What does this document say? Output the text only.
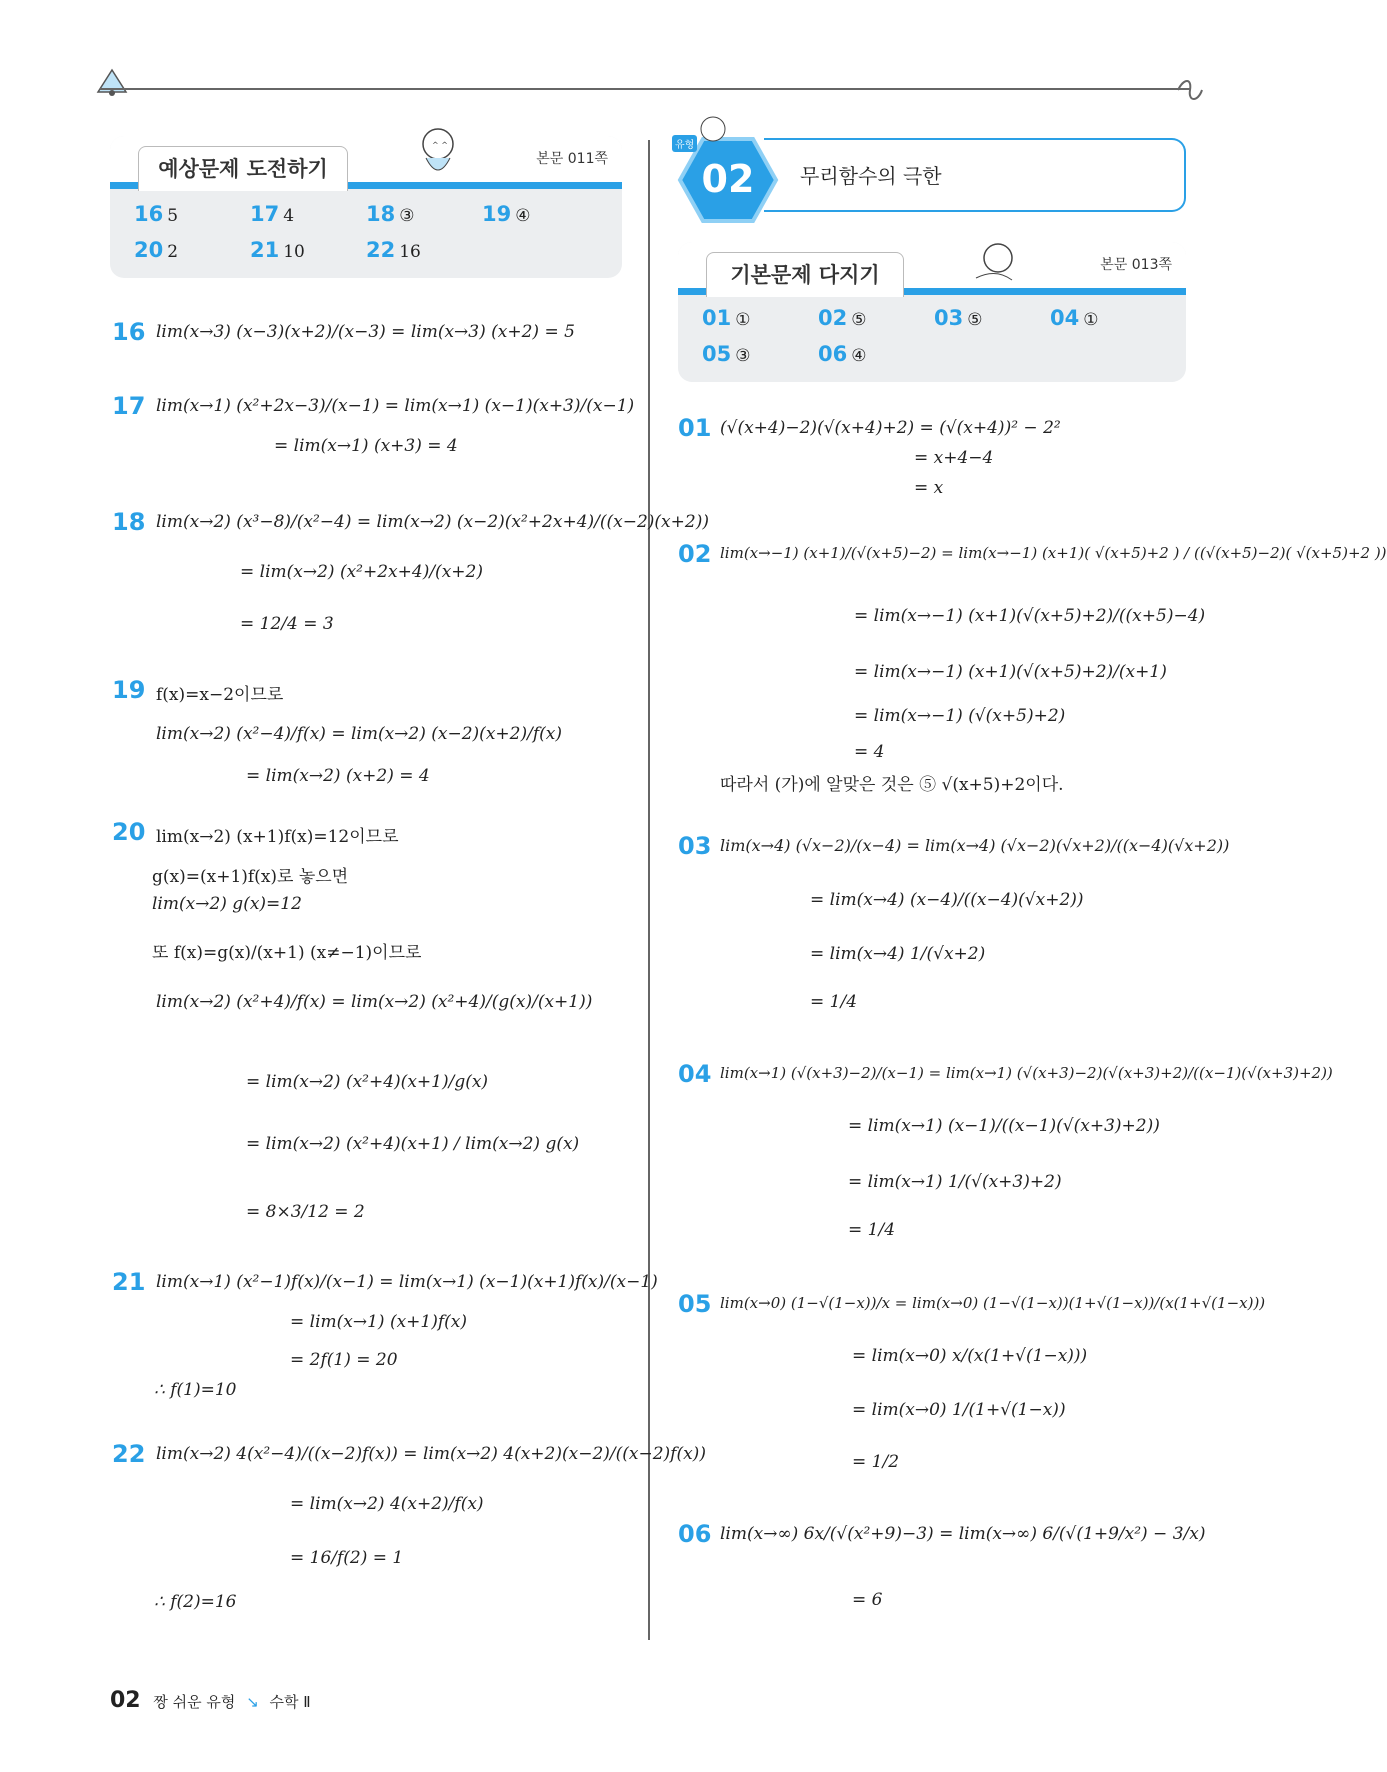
예상문제 도전하기	본문 011쪽
^ ^
16 5	17 4	18 ③	19 ④
20 2	21 10	22 16
02
유형
무리함수의 극한
기본문제 다지기	본문 013쪽
01 ①	02 ⑤	03 ⑤	04 ①
05 ③	06 ④
16 lim(x→3) (x−3)(x+2)/(x−3) = lim(x→3) (x+2) = 5
17 lim(x→1) (x²+2x−3)/(x−1) = lim(x→1) (x−1)(x+3)/(x−1)
= lim(x→1) (x+3) = 4
18 lim(x→2) (x³−8)/(x²−4) = lim(x→2) (x−2)(x²+2x+4)/((x−2)(x+2))
= lim(x→2) (x²+2x+4)/(x+2)
= 12/4 = 3
19 f(x)=x−2이므로
lim(x→2) (x²−4)/f(x) = lim(x→2) (x−2)(x+2)/f(x)
= lim(x→2) (x+2) = 4
20 lim(x→2) (x+1)f(x)=12이므로
g(x)=(x+1)f(x)로 놓으면
lim(x→2) g(x)=12
또 f(x)=g(x)/(x+1) (x≠−1)이므로
lim(x→2) (x²+4)/f(x) = lim(x→2) (x²+4)/(g(x)/(x+1))
= lim(x→2) (x²+4)(x+1)/g(x)
= lim(x→2) (x²+4)(x+1) / lim(x→2) g(x)
= 8×3/12 = 2
21 lim(x→1) (x²−1)f(x)/(x−1) = lim(x→1) (x−1)(x+1)f(x)/(x−1)
= lim(x→1) (x+1)f(x)
= 2f(1) = 20
∴ f(1)=10
22 lim(x→2) 4(x²−4)/((x−2)f(x)) = lim(x→2) 4(x+2)(x−2)/((x−2)f(x))
= lim(x→2) 4(x+2)/f(x)
= 16/f(2) = 1
∴ f(2)=16
01 (√(x+4)−2)(√(x+4)+2) = (√(x+4))² − 2²
= x+4−4
= x
02 lim(x→−1) (x+1)/(√(x+5)−2) = lim(x→−1) (x+1)( √(x+5)+2 ) / ((√(x+5)−2)( √(x+5)+2 ))
= lim(x→−1) (x+1)(√(x+5)+2)/((x+5)−4)
= lim(x→−1) (x+1)(√(x+5)+2)/(x+1)
= lim(x→−1) (√(x+5)+2)
= 4
따라서 (가)에 알맞은 것은 ⑤ √(x+5)+2이다.
03 lim(x→4) (√x−2)/(x−4) = lim(x→4) (√x−2)(√x+2)/((x−4)(√x+2))
= lim(x→4) (x−4)/((x−4)(√x+2))
= lim(x→4) 1/(√x+2)
= 1/4
04 lim(x→1) (√(x+3)−2)/(x−1) = lim(x→1) (√(x+3)−2)(√(x+3)+2)/((x−1)(√(x+3)+2))
= lim(x→1) (x−1)/((x−1)(√(x+3)+2))
= lim(x→1) 1/(√(x+3)+2)
= 1/4
05 lim(x→0) (1−√(1−x))/x = lim(x→0) (1−√(1−x))(1+√(1−x))/(x(1+√(1−x)))
= lim(x→0) x/(x(1+√(1−x)))
= lim(x→0) 1/(1+√(1−x))
= 1/2
06 lim(x→∞) 6x/(√(x²+9)−3) = lim(x→∞) 6/(√(1+9/x²) − 3/x)
= 6
02 짱 쉬운 유형 ↘ 수학 Ⅱ
